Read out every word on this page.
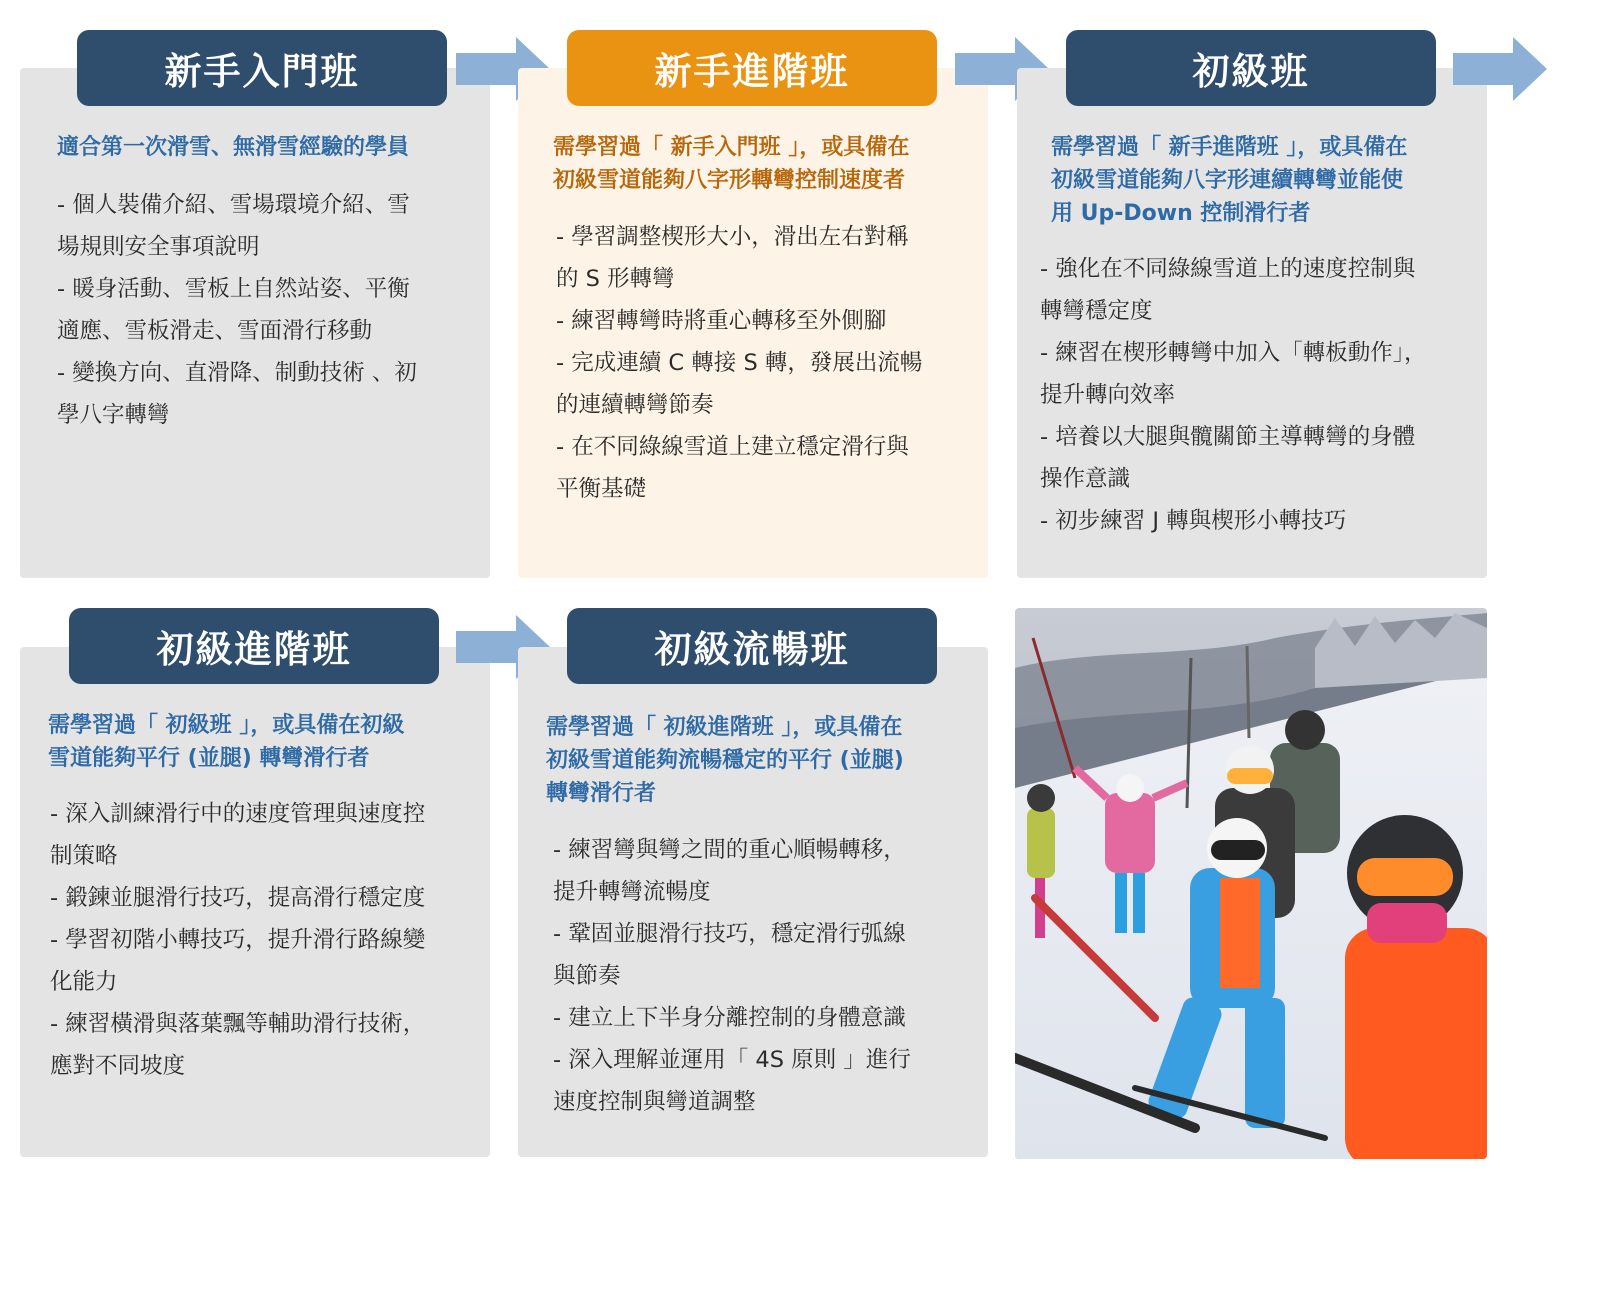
新手入門班

適合第一次滑雪、無滑雪經驗的學員

- 個人裝備介紹、雪場環境介紹、雪
場規則安全事項說明
- 暖身活動、雪板上自然站姿、平衡
適應、雪板滑走、雪面滑行移動
- 變換方向、直滑降、制動技術 、初
學八字轉彎
新手進階班

需學習過「 新手入門班 」，或具備在
初級雪道能夠八字形轉彎控制速度者

- 學習調整楔形大小，滑出左右對稱
的 S 形轉彎
- 練習轉彎時將重心轉移至外側腳
- 完成連續 C 轉接 S 轉，發展出流暢
的連續轉彎節奏
- 在不同綠線雪道上建立穩定滑行與
平衡基礎
初級班

需學習過「 新手進階班 」，或具備在
初級雪道能夠八字形連續轉彎並能使
用 Up-Down 控制滑行者

- 強化在不同綠線雪道上的速度控制與
轉彎穩定度
- 練習在楔形轉彎中加入「轉板動作」，
提升轉向效率
- 培養以大腿與髖關節主導轉彎的身體
操作意識
- 初步練習 J 轉與楔形小轉技巧
初級進階班

需學習過「 初級班 」，或具備在初級
雪道能夠平行 (並腿) 轉彎滑行者

- 深入訓練滑行中的速度管理與速度控
制策略
- 鍛鍊並腿滑行技巧，提高滑行穩定度
- 學習初階小轉技巧，提升滑行路線變
化能力
- 練習橫滑與落葉飄等輔助滑行技術，
應對不同坡度
初級流暢班

需學習過「 初級進階班 」，或具備在
初級雪道能夠流暢穩定的平行 (並腿)
轉彎滑行者

- 練習彎與彎之間的重心順暢轉移，
提升轉彎流暢度
- 鞏固並腿滑行技巧，穩定滑行弧線
與節奏
- 建立上下半身分離控制的身體意識
- 深入理解並運用「 4S 原則 」進行
速度控制與彎道調整
